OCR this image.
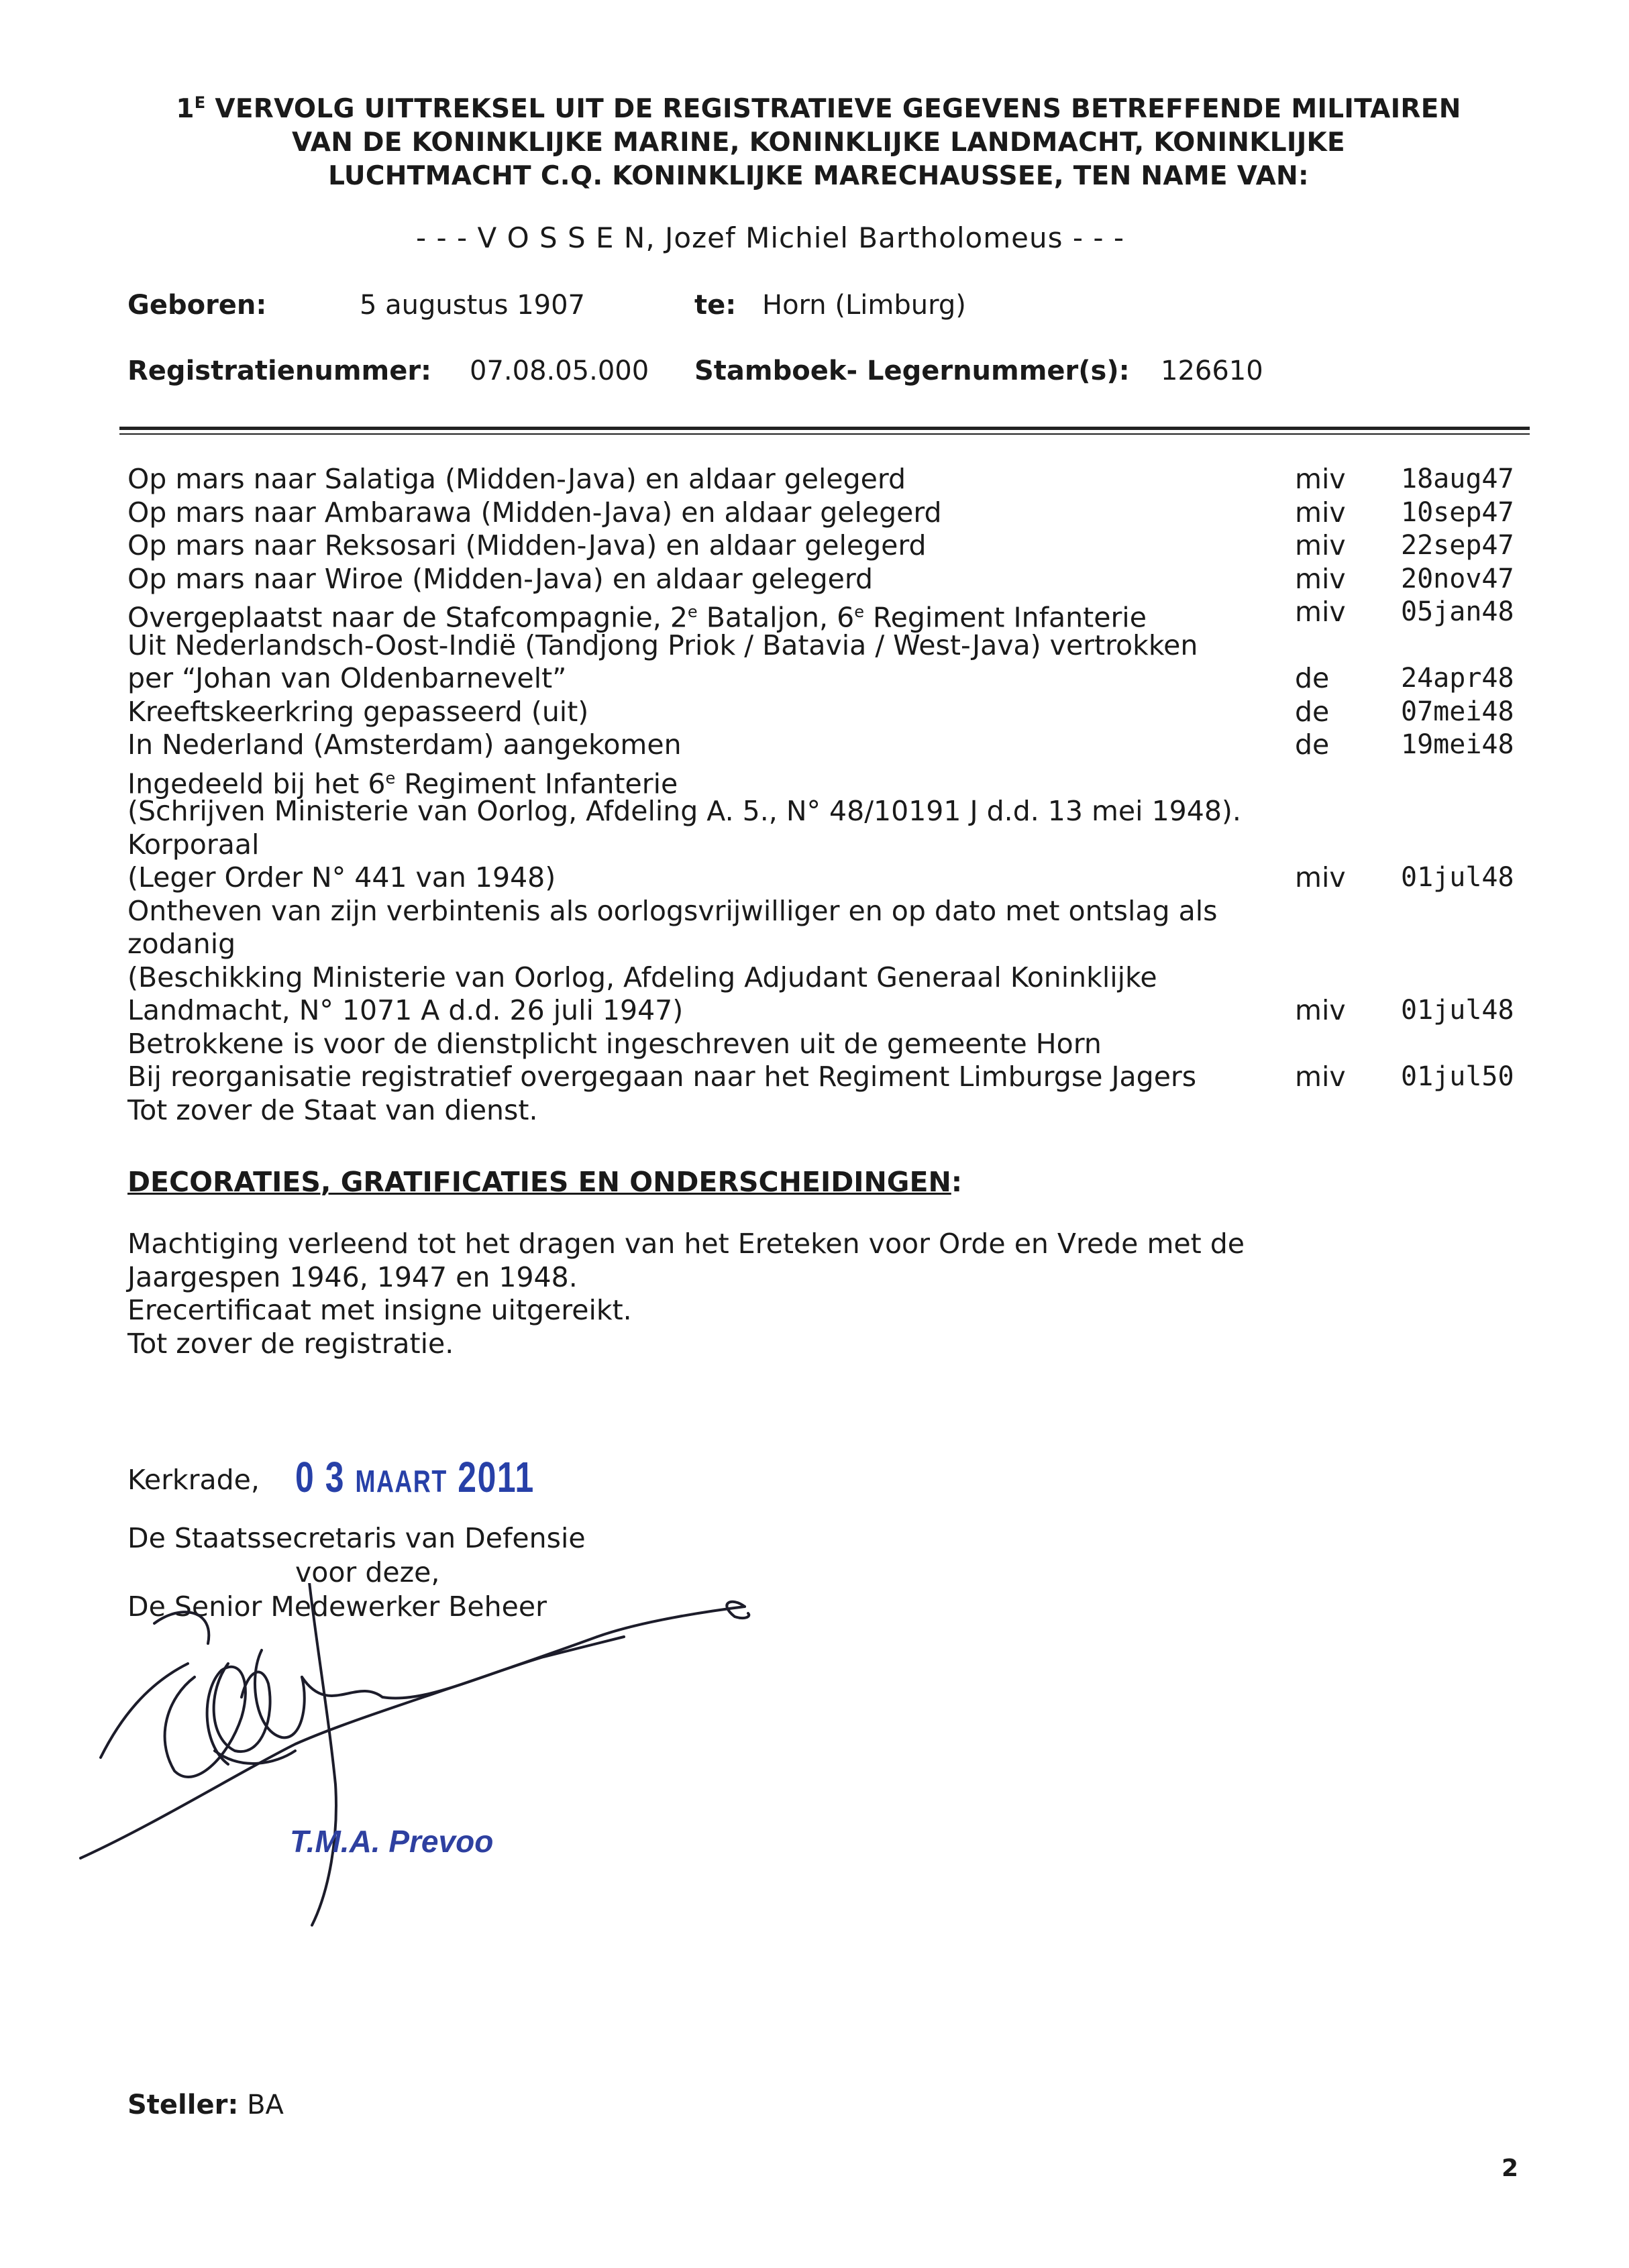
$1^E$ VERVOLG UITTREKSEL UIT DE REGISTRATIEVE GEGEVENS BETREFFENDE MILITAIREN
VAN DE KONINKLIJKE MARINE, KONINKLIJKE LANDMACHT, KONINKLIJKE
LUCHTMACHT C.Q. KONINKLIJKE MARECHAUSSEE, TEN NAME VAN:
- - - V O S S E N, Jozef Michiel Bartholomeus - - -
Geboren:	5 augustus 1907	te: Horn (Limburg)
Registratienummer: 07.08.05.000 Stamboek- Legernummer(s): 126610
Op mars naar Salatiga (Midden-Java) en aldaar gelegerd	miv 18aug47
Op mars naar Ambarawa (Midden-Java) en aldaar gelegerd	miv 10sep47
Op mars naar Reksosari (Midden-Java) en aldaar gelegerd	miv 22sep47
Op mars naar Wiroe (Midden-Java) en aldaar gelegerd	miv 20nov47
Overgeplaatst naar de Stafcompagnie, 2e Bataljon, 6e Regiment Infanterie	miv 05jan48
Uit Nederlandsch-Oost-Indië (Tandjong Priok / Batavia / West-Java) vertrokken
per “Johan van Oldenbarnevelt”	de	24apr48
Kreeftskeerkring gepasseerd (uit)	de	07mei48
In Nederland (Amsterdam) aangekomen	de	19mei48
Ingedeeld bij het 6e Regiment Infanterie
(Schrijven Ministerie van Oorlog, Afdeling A. 5., N° 48/10191 J d.d. 13 mei 1948).
Korporaal
(Leger Order N° 441 van 1948)	miv 01jul48
Ontheven van zijn verbintenis als oorlogsvrijwilliger en op dato met ontslag als
zodanig
(Beschikking Ministerie van Oorlog, Afdeling Adjudant Generaal Koninklijke
Landmacht, N° 1071 A d.d. 26 juli 1947)	miv 01jul48
Betrokkene is voor de dienstplicht ingeschreven uit de gemeente Horn
Bij reorganisatie registratief overgegaan naar het Regiment Limburgse Jagers	miv 01jul50
Tot zover de Staat van dienst.
DECORATIES, GRATIFICATIES EN ONDERSCHEIDINGEN:
Machtiging verleend tot het dragen van het Ereteken voor Orde en Vrede met de
Jaargespen 1946, 1947 en 1948.
Erecertificaat met insigne uitgereikt.
Tot zover de registratie.
Kerkrade, 0 3 MAART 2011
De Staatssecretaris van Defensie
voor deze,
De Senior Medewerker Beheer
T.M.A. Prevoo
Steller: BA
2
